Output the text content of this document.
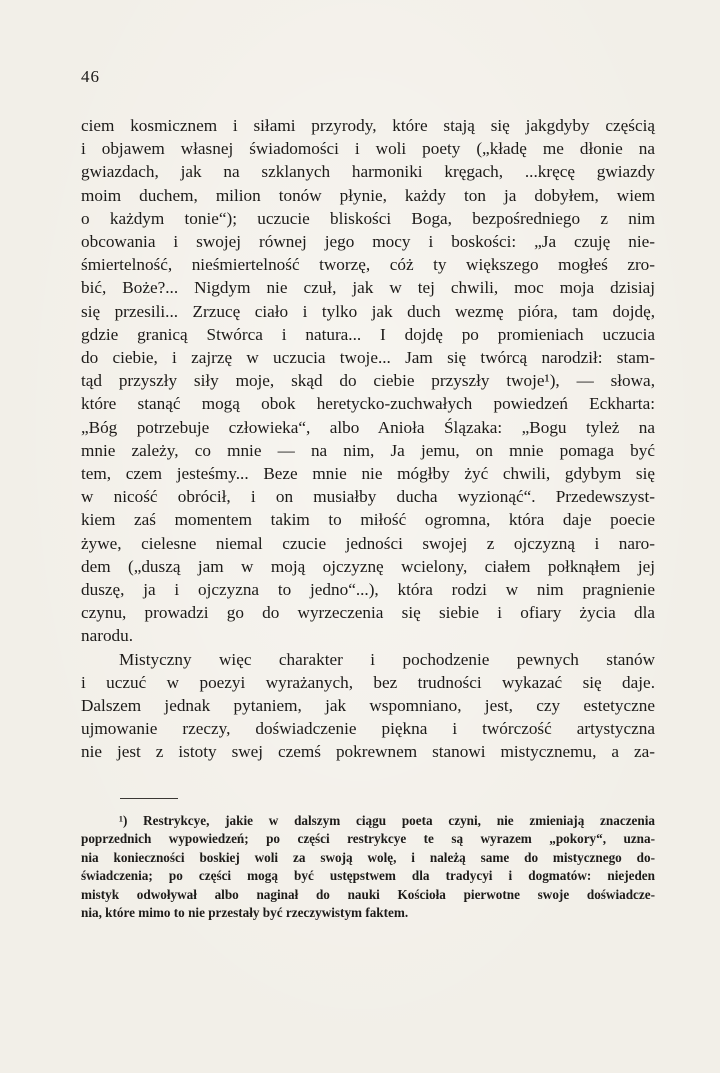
46
ciem kosmicznem i siłami przyrody, które stają się jakgdyby częścią
i objawem własnej świadomości i woli poety („kładę me dłonie na
gwiazdach, jak na szklanych harmoniki kręgach, ...kręcę gwiazdy
moim duchem, milion tonów płynie, każdy ton ja dobyłem, wiem
o każdym tonie“); uczucie bliskości Boga, bezpośredniego z nim
obcowania i swojej równej jego mocy i boskości: „Ja czuję nie-
śmiertelność, nieśmiertelność tworzę, cóż ty większego mogłeś zro-
bić, Boże?... Nigdym nie czuł, jak w tej chwili, moc moja dzisiaj
się przesili... Zrzucę ciało i tylko jak duch wezmę pióra, tam dojdę,
gdzie granicą Stwórca i natura... I dojdę po promieniach uczucia
do ciebie, i zajrzę w uczucia twoje... Jam się twórcą narodził: stam-
tąd przyszły siły moje, skąd do ciebie przyszły twoje¹), — słowa,
które stanąć mogą obok heretycko-zuchwałych powiedzeń Eckharta:
„Bóg potrzebuje człowieka“, albo Anioła Ślązaka: „Bogu tyleż na
mnie zależy, co mnie — na nim, Ja jemu, on mnie pomaga być
tem, czem jesteśmy... Beze mnie nie mógłby żyć chwili, gdybym się
w nicość obrócił, i on musiałby ducha wyzionąć“. Przedewszyst-
kiem zaś momentem takim to miłość ogromna, która daje poecie
żywe, cielesne niemal czucie jedności swojej z ojczyzną i naro-
dem („duszą jam w moją ojczyznę wcielony, ciałem połknąłem jej
duszę, ja i ojczyzna to jedno“...), która rodzi w nim pragnienie
czynu, prowadzi go do wyrzeczenia się siebie i ofiary życia dla
narodu.
Mistyczny więc charakter i pochodzenie pewnych stanów
i uczuć w poezyi wyrażanych, bez trudności wykazać się daje.
Dalszem jednak pytaniem, jak wspomniano, jest, czy estetyczne
ujmowanie rzeczy, doświadczenie piękna i twórczość artystyczna
nie jest z istoty swej czemś pokrewnem stanowi mistycznemu, a za-
¹) Restrykcye, jakie w dalszym ciągu poeta czyni, nie zmieniają znaczenia
poprzednich wypowiedzeń; po części restrykcye te są wyrazem „pokory“, uzna-
nia konieczności boskiej woli za swoją wolę, i należą same do mistycznego do-
świadczenia; po części mogą być ustępstwem dla tradycyi i dogmatów: niejeden
mistyk odwoływał albo naginał do nauki Kościoła pierwotne swoje doświadcze-
nia, które mimo to nie przestały być rzeczywistym faktem.
